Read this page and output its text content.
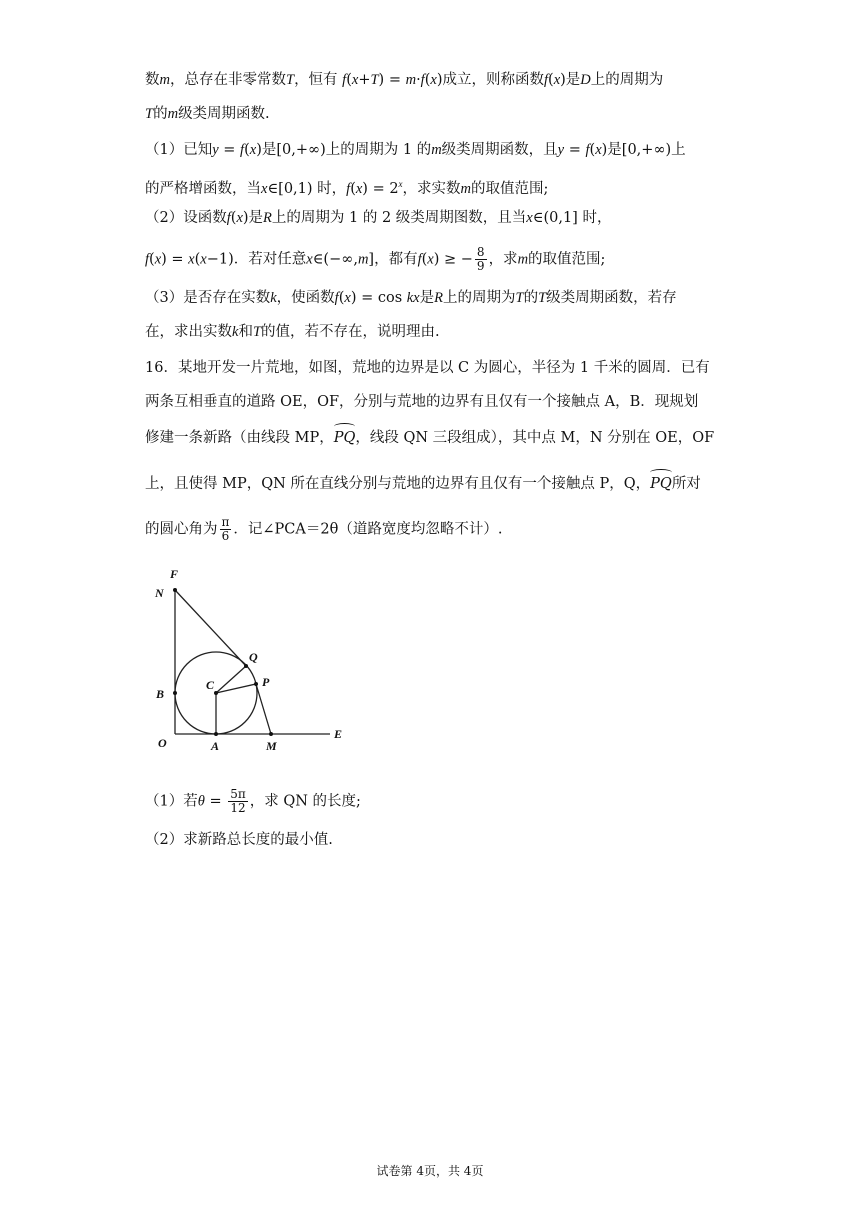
数m，总存在非零常数T，恒有 f(x+T) = m·f(x)成立，则称函数f(x)是D上的周期为
T的m级类周期函数.
（1）已知y = f(x)是[0,+∞)上的周期为 1 的m级类周期函数，且y = f(x)是[0,+∞)上
的严格增函数，当x∈[0,1) 时，$f(x) = 2^x$，求实数m的取值范围;
（2）设函数f(x)是R上的周期为 1 的 2 级类周期图数，且当x∈(0,1] 时，
f(x) = x(x−1)．若对任意x∈(−∞,m]，都有f(x) ≥ − $\frac{8}{9}$ ，求m的取值范围;
（3）是否存在实数k，使函数f(x) = cos kx是R上的周期为T的T级类周期函数，若存
在，求出实数k和T的值，若不存在，说明理由.
16．某地开发一片荒地，如图，荒地的边界是以 C 为圆心，半径为 1 千米的圆周．已有
两条互相垂直的道路 OE，OF，分别与荒地的边界有且仅有一个接触点 A，B．现规划
修建一条新路（由线段 MP，PQ，线段 QN 三段组成），其中点 M，N 分别在 OE，OF
上，且使得 MP，QN 所在直线分别与荒地的边界有且仅有一个接触点 P，Q，PQ所对
的圆心角为 $\frac{\pi}{6}$ ．记∠PCA＝2θ（道路宽度均忽略不计）.
F
N
Q
C	P
B
O	A	M
E
（1）若$\theta = \frac{5\pi}{12}$ ，求 QN 的长度;
（2）求新路总长度的最小值.
试卷第 4页，共 4页
